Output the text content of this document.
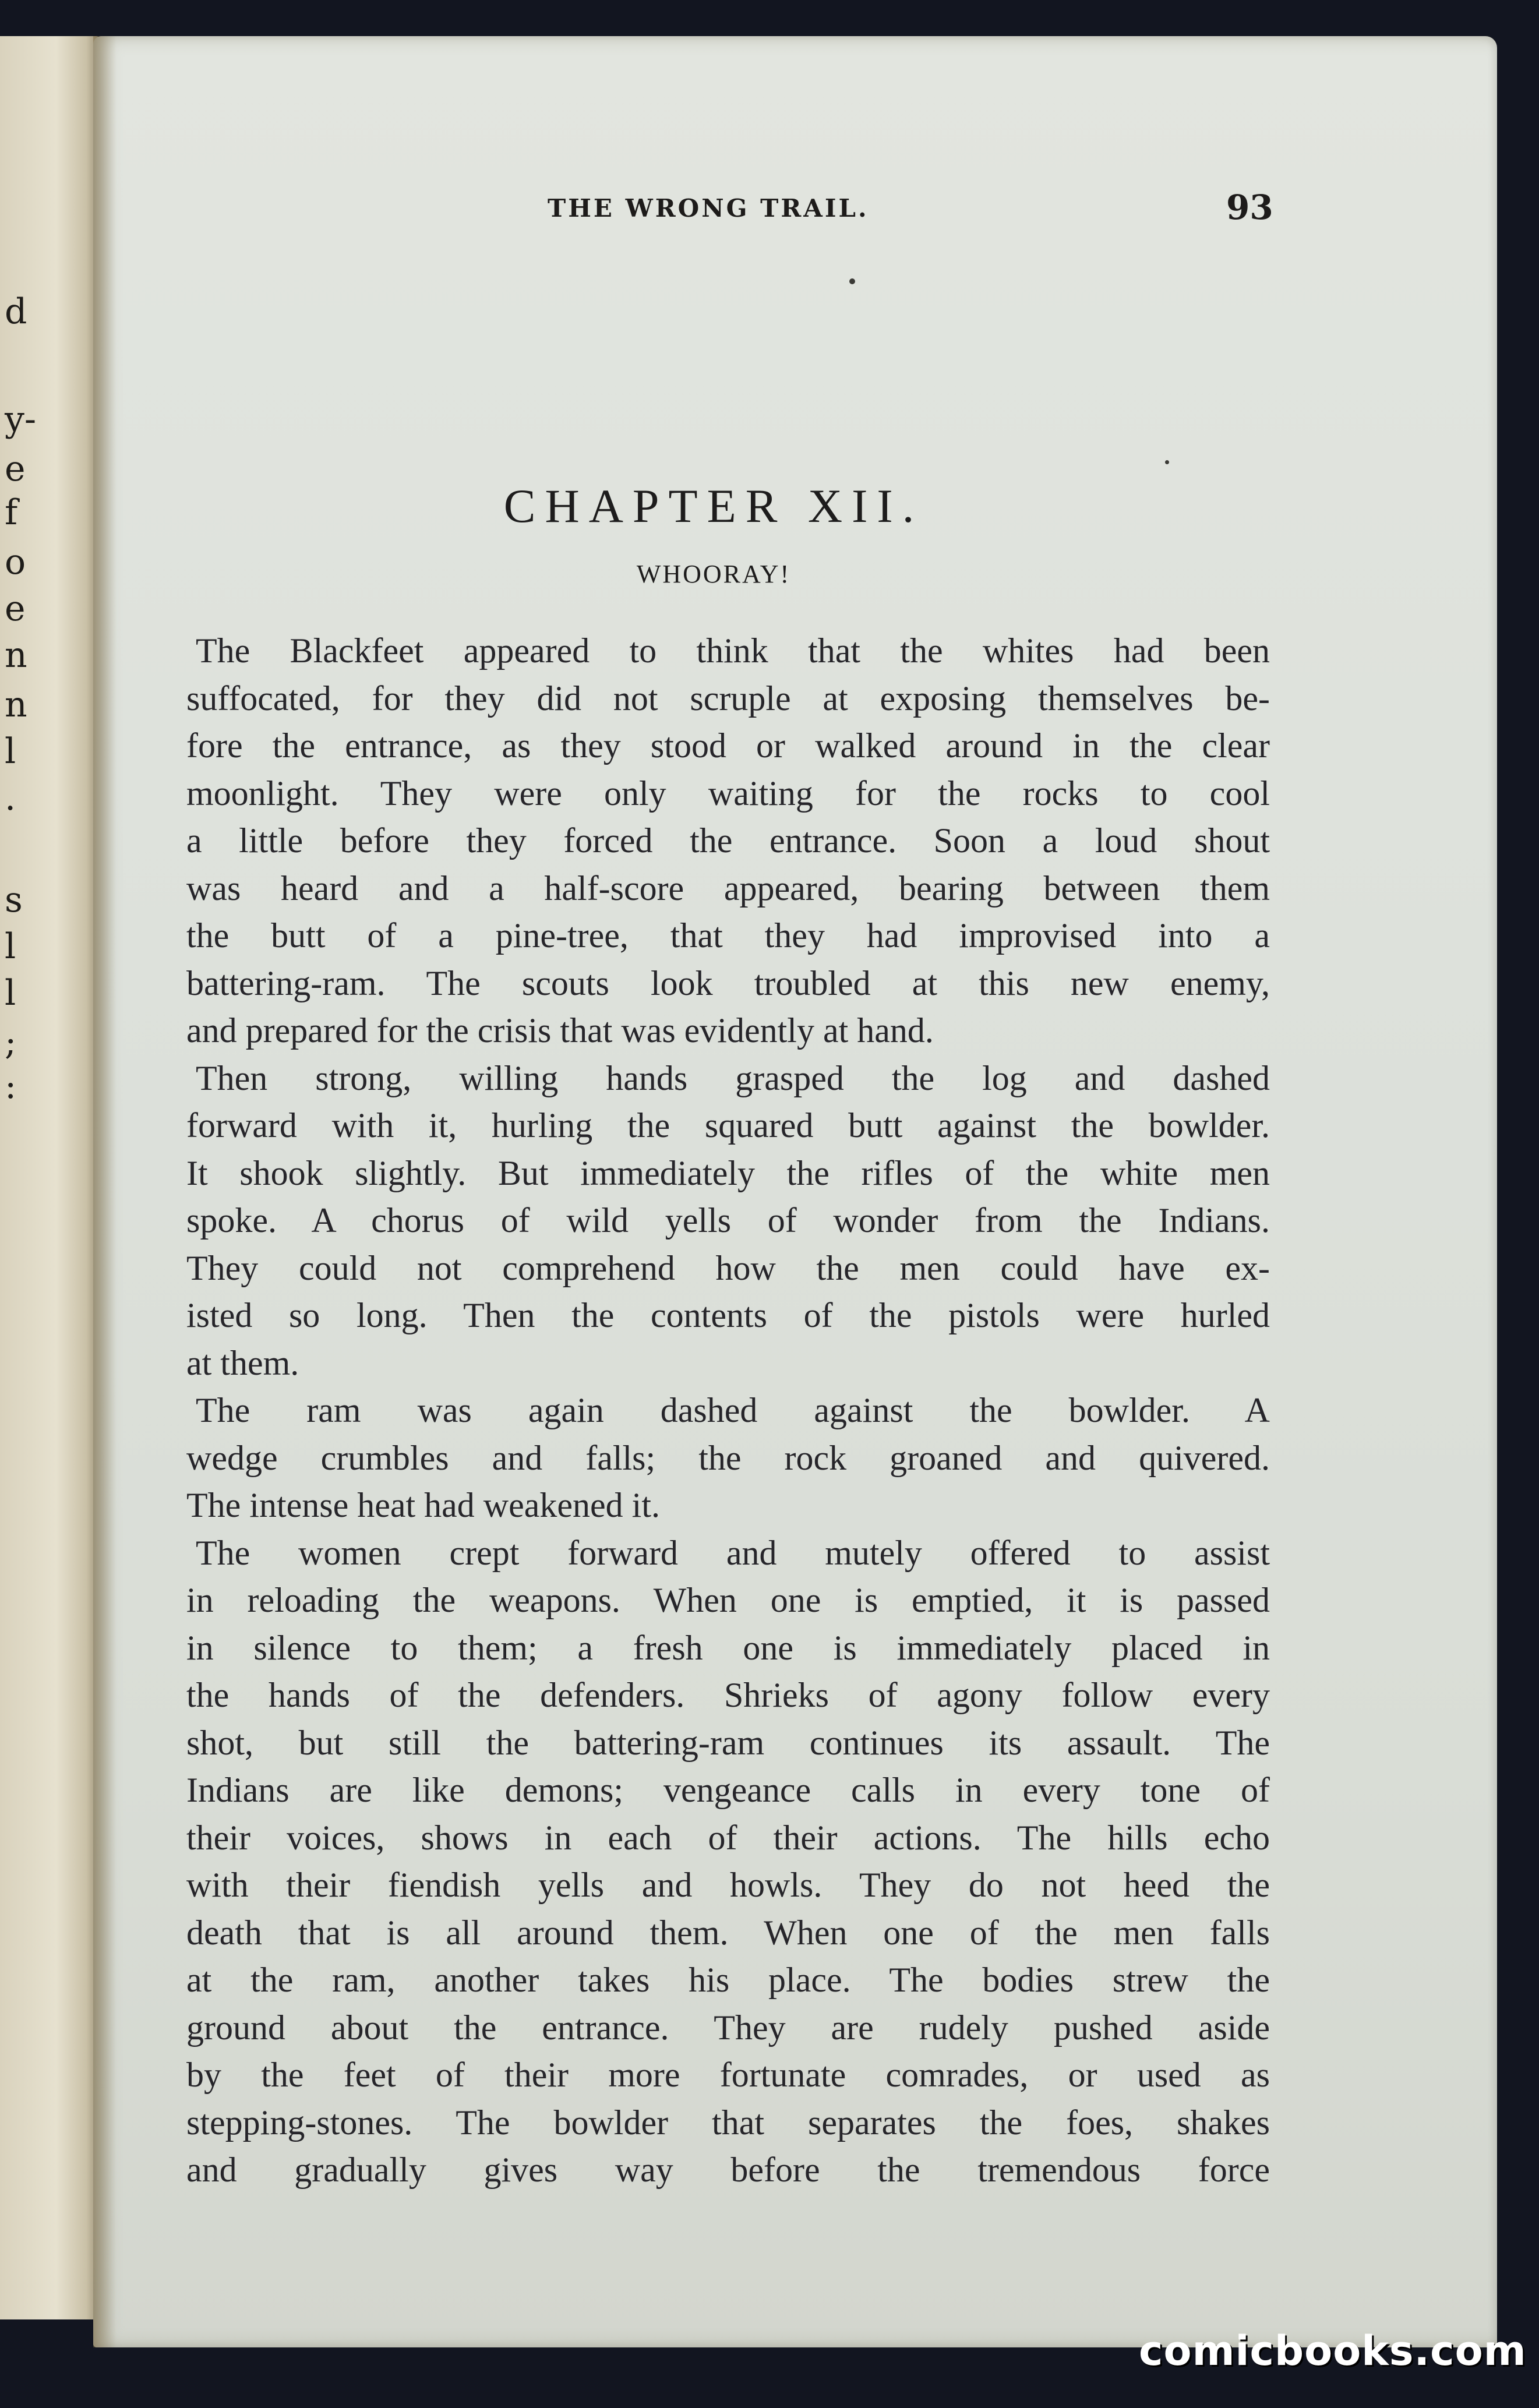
d
y-
e
f
o
e
n
n
l
.
s
l
l
;
:
THE WRONG TRAIL.	93
CHAPTER XII.
WHOORAY!
The Blackfeet appeared to think that the whites had been
suffocated, for they did not scruple at exposing themselves be-
fore the entrance, as they stood or walked around in the clear
moonlight. They were only waiting for the rocks to cool
a little before they forced the entrance. Soon a loud shout
was heard and a half-score appeared, bearing between them
the butt of a pine-tree, that they had improvised into a
battering-ram. The scouts look troubled at this new enemy,
and prepared for the crisis that was evidently at hand.
Then strong, willing hands grasped the log and dashed
forward with it, hurling the squared butt against the bowlder.
It shook slightly. But immediately the rifles of the white men
spoke. A chorus of wild yells of wonder from the Indians.
They could not comprehend how the men could have ex-
isted so long. Then the contents of the pistols were hurled
at them.
The ram was again dashed against the bowlder. A
wedge crumbles and falls; the rock groaned and quivered.
The intense heat had weakened it.
The women crept forward and mutely offered to assist
in reloading the weapons. When one is emptied, it is passed
in silence to them; a fresh one is immediately placed in
the hands of the defenders. Shrieks of agony follow every
shot, but still the battering-ram continues its assault. The
Indians are like demons; vengeance calls in every tone of
their voices, shows in each of their actions. The hills echo
with their fiendish yells and howls. They do not heed the
death that is all around them. When one of the men falls
at the ram, another takes his place. The bodies strew the
ground about the entrance. They are rudely pushed aside
by the feet of their more fortunate comrades, or used as
stepping-stones. The bowlder that separates the foes, shakes
and gradually gives way before the tremendous force
comicbooks.com
